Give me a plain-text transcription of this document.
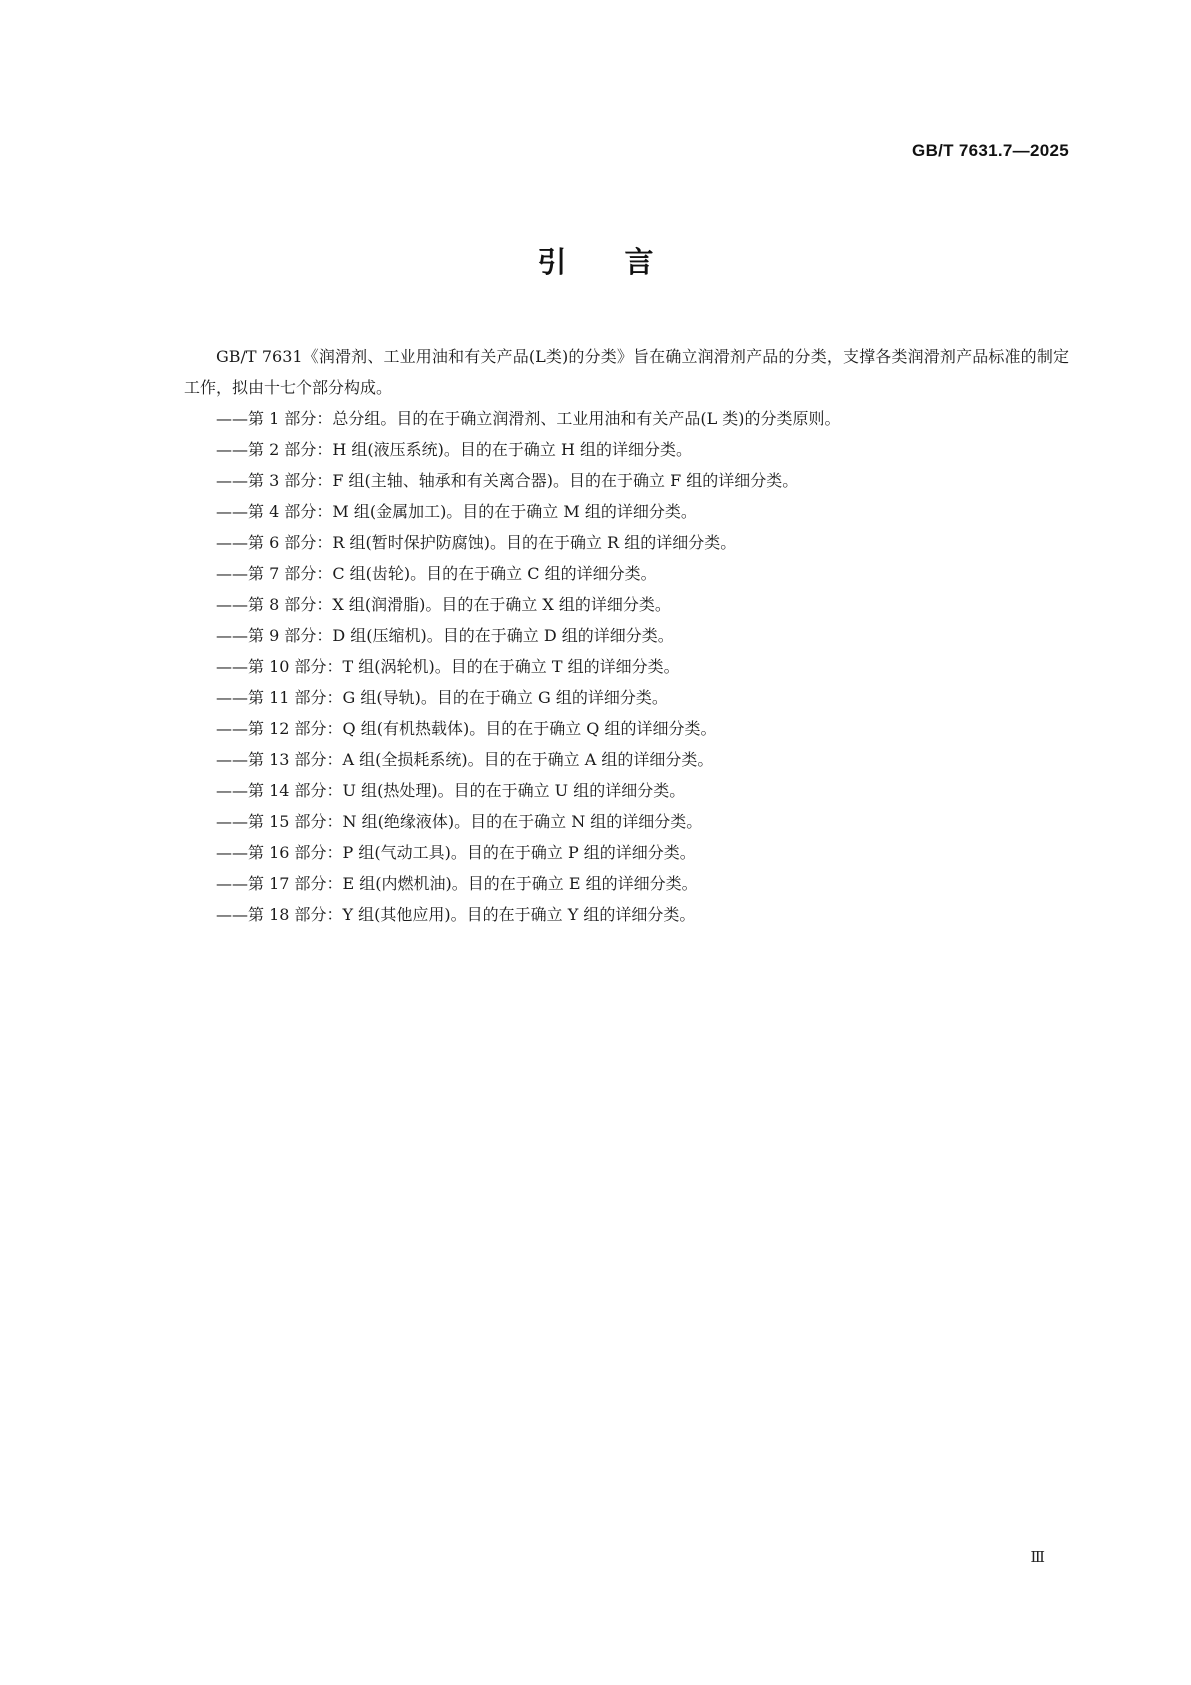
GB/T 7631.7—2025
引言

GB/T 7631《润滑剂、工业用油和有关产品(L类)的分类》旨在确立润滑剂产品的分类，支撑各类润滑剂产品标准的制定工作，拟由十七个部分构成。

——第 1 部分：总分组。目的在于确立润滑剂、工业用油和有关产品(L 类)的分类原则。
——第 2 部分：H 组(液压系统)。目的在于确立 H 组的详细分类。
——第 3 部分：F 组(主轴、轴承和有关离合器)。目的在于确立 F 组的详细分类。
——第 4 部分：M 组(金属加工)。目的在于确立 M 组的详细分类。
——第 6 部分：R 组(暂时保护防腐蚀)。目的在于确立 R 组的详细分类。
——第 7 部分：C 组(齿轮)。目的在于确立 C 组的详细分类。
——第 8 部分：X 组(润滑脂)。目的在于确立 X 组的详细分类。
——第 9 部分：D 组(压缩机)。目的在于确立 D 组的详细分类。
——第 10 部分：T 组(涡轮机)。目的在于确立 T 组的详细分类。
——第 11 部分：G 组(导轨)。目的在于确立 G 组的详细分类。
——第 12 部分：Q 组(有机热载体)。目的在于确立 Q 组的详细分类。
——第 13 部分：A 组(全损耗系统)。目的在于确立 A 组的详细分类。
——第 14 部分：U 组(热处理)。目的在于确立 U 组的详细分类。
——第 15 部分：N 组(绝缘液体)。目的在于确立 N 组的详细分类。
——第 16 部分：P 组(气动工具)。目的在于确立 P 组的详细分类。
——第 17 部分：E 组(内燃机油)。目的在于确立 E 组的详细分类。
——第 18 部分：Y 组(其他应用)。目的在于确立 Y 组的详细分类。
Ⅲ
